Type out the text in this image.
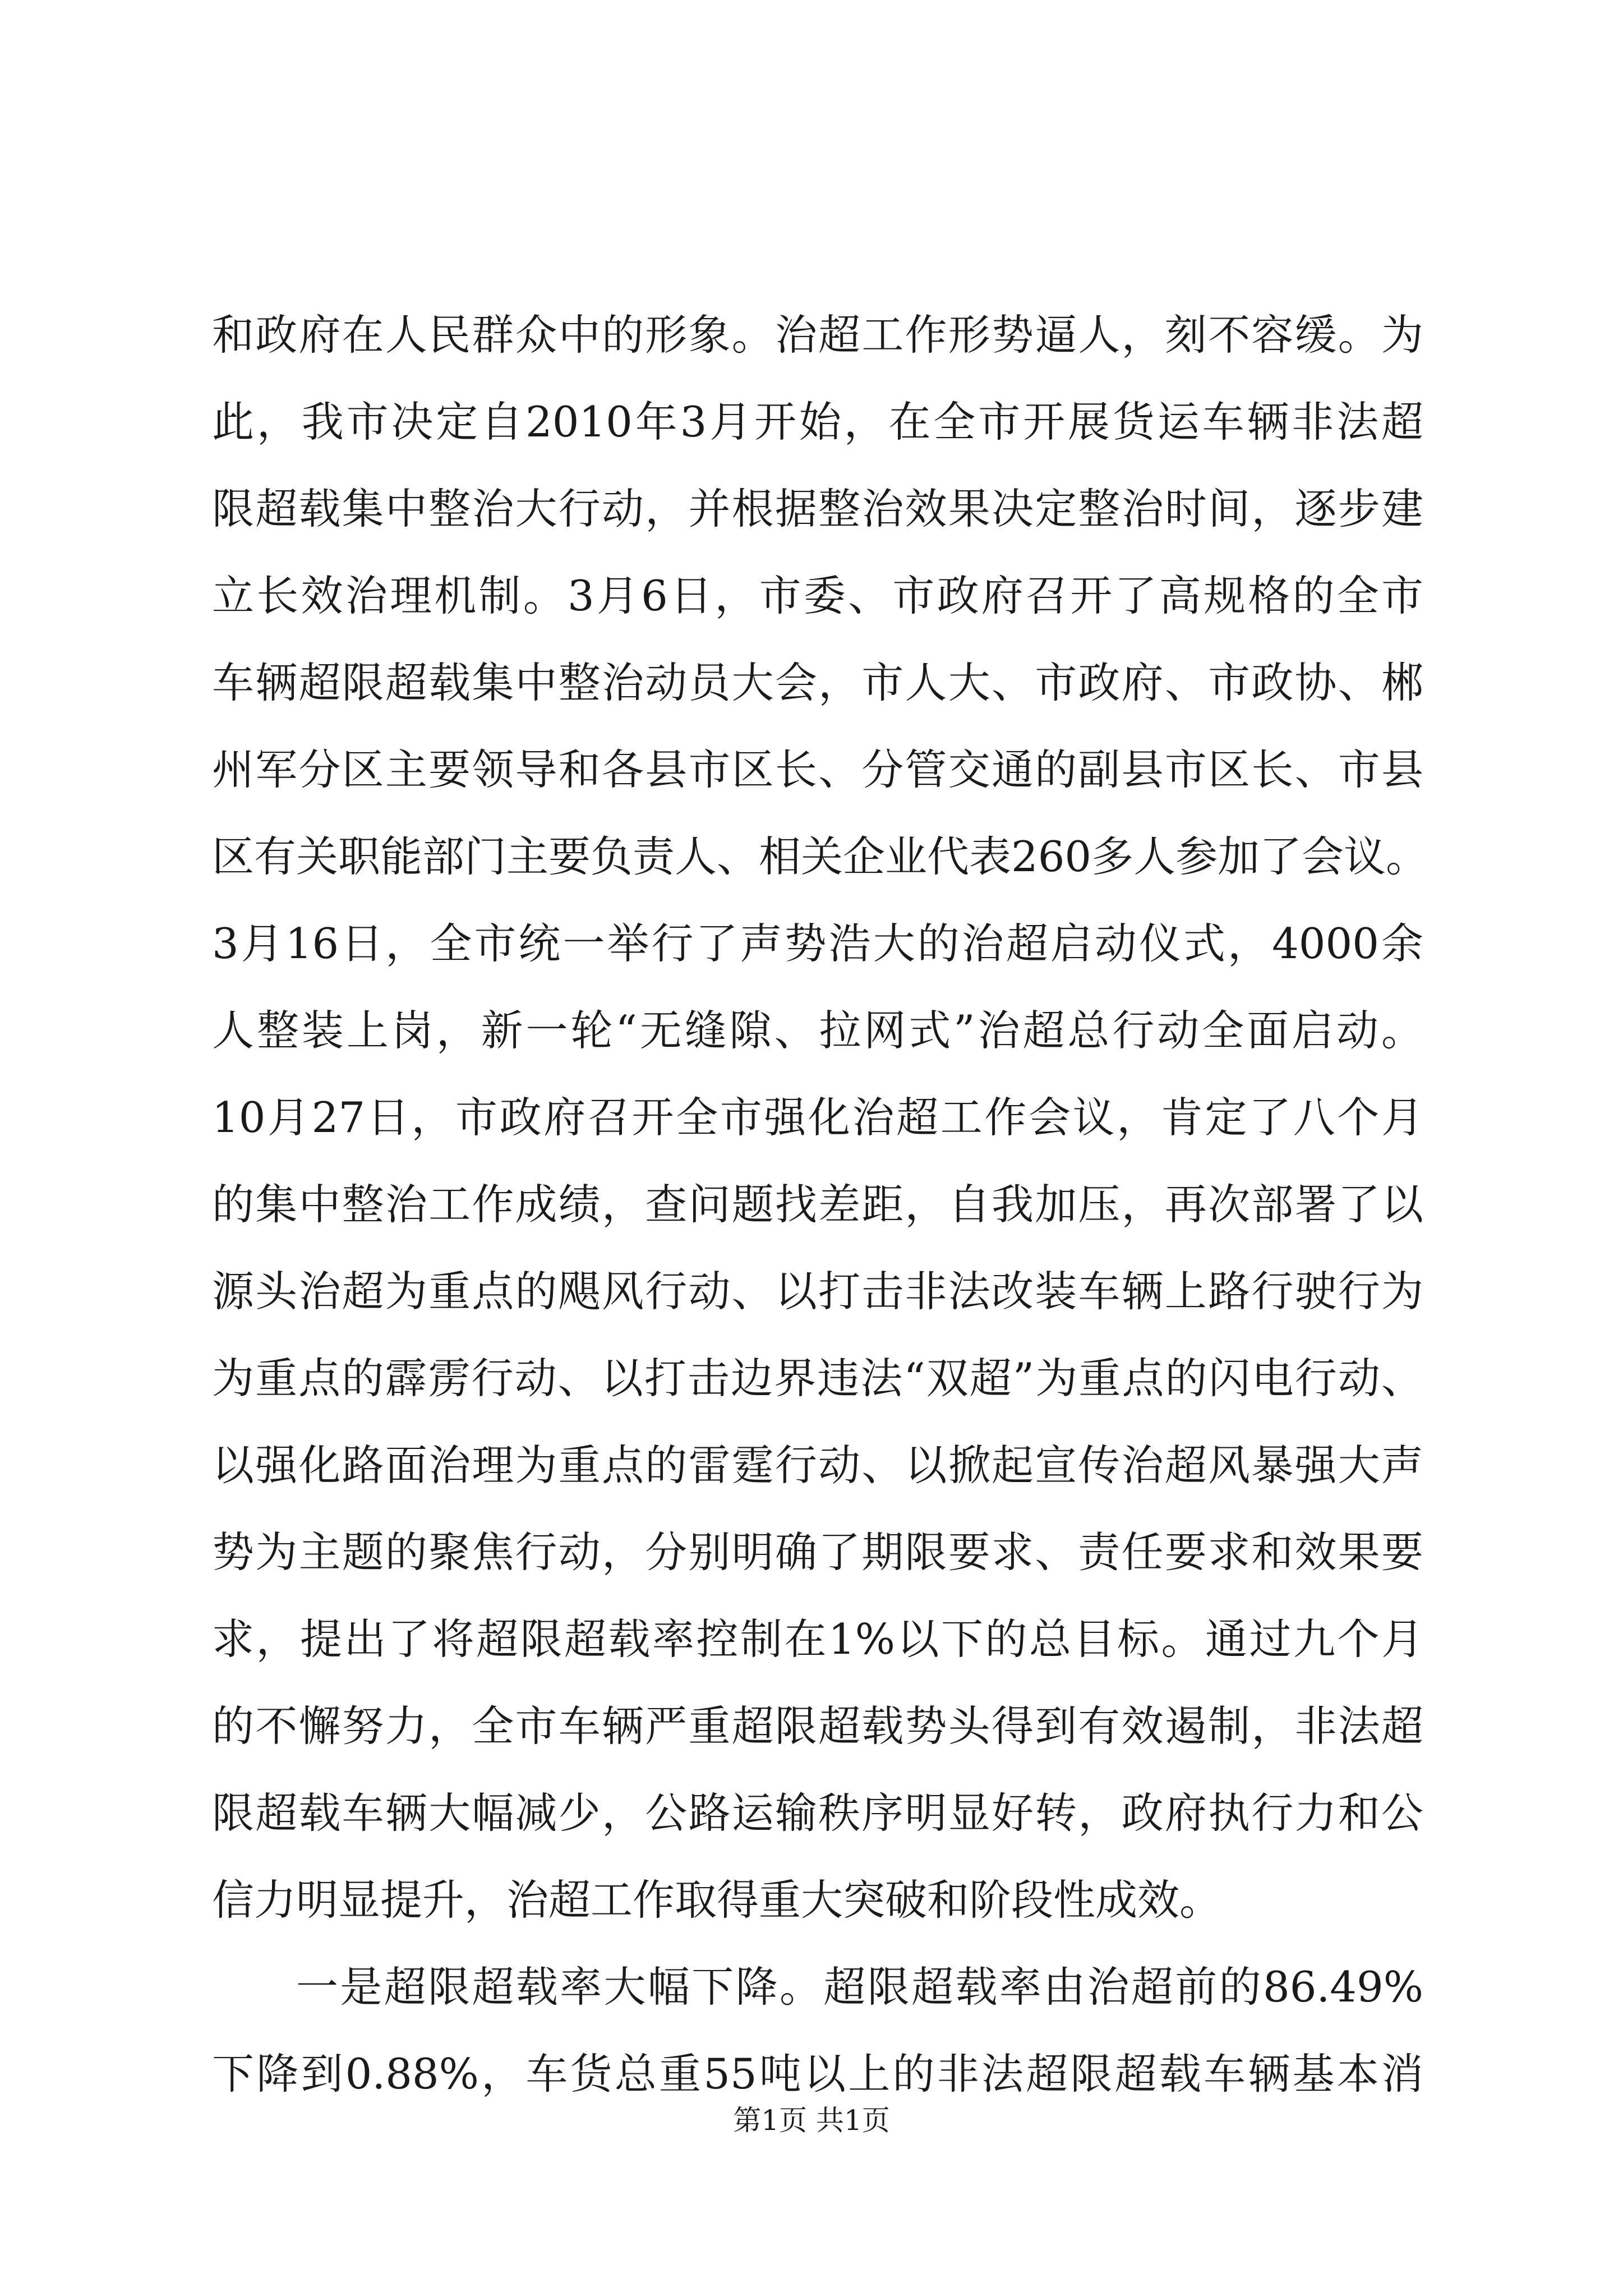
和政府在人民群众中的形象。治超工作形势逼人，刻不容缓。为
此，我市决定自2010年3月开始，在全市开展货运车辆非法超
限超载集中整治大行动，并根据整治效果决定整治时间，逐步建
立长效治理机制。3月6日，市委、市政府召开了高规格的全市
车辆超限超载集中整治动员大会，市人大、市政府、市政协、郴
州军分区主要领导和各县市区长、分管交通的副县市区长、市县
区有关职能部门主要负责人、相关企业代表260多人参加了会议。
3月16日，全市统一举行了声势浩大的治超启动仪式，4000余
人整装上岗，新一轮“无缝隙、拉网式”治超总行动全面启动。
10月27日，市政府召开全市强化治超工作会议，肯定了八个月
的集中整治工作成绩，查问题找差距，自我加压，再次部署了以
源头治超为重点的飓风行动、以打击非法改装车辆上路行驶行为
为重点的霹雳行动、以打击边界违法“双超”为重点的闪电行动、
以强化路面治理为重点的雷霆行动、以掀起宣传治超风暴强大声
势为主题的聚焦行动，分别明确了期限要求、责任要求和效果要
求，提出了将超限超载率控制在1%以下的总目标。通过九个月
的不懈努力，全市车辆严重超限超载势头得到有效遏制，非法超
限超载车辆大幅减少，公路运输秩序明显好转，政府执行力和公
信力明显提升，治超工作取得重大突破和阶段性成效。
一是超限超载率大幅下降。超限超载率由治超前的86.49%
下降到0.88%，车货总重55吨以上的非法超限超载车辆基本消
第1页 共1页
